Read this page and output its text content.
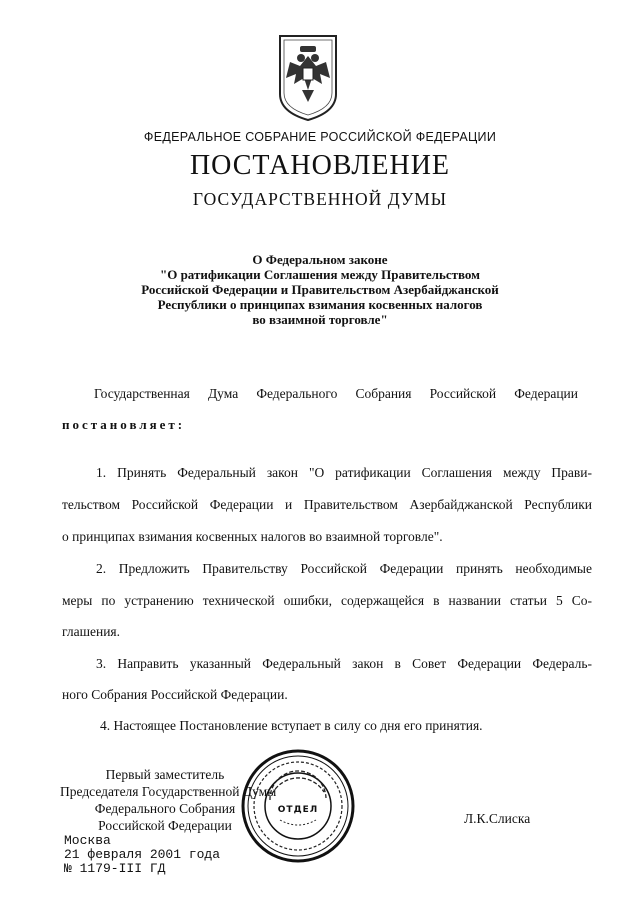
ФЕДЕРАЛЬНОЕ СОБРАНИЕ РОССИЙСКОЙ ФЕДЕРАЦИИ
ПОСТАНОВЛЕНИЕ
ГОСУДАРСТВЕННОЙ ДУМЫ
О Федеральном законе
"О ратификации Соглашения между Правительством
Российской Федерации и Правительством Азербайджанской
Республики о принципах взимания косвенных налогов
во взаимной торговле"
Государственная Дума Федерального Собрания Российской Федерации
постановляет:
1. Принять Федеральный закон "О ратификации Соглашения между Прави-
тельством Российской Федерации и Правительством Азербайджанской Республики
о принципах взимания косвенных налогов во взаимной торговле".
2. Предложить Правительству Российской Федерации принять необходимые
меры по устранению технической ошибки, содержащейся в названии статьи 5 Со-
глашения.
3. Направить указанный Федеральный закон в Совет Федерации Федераль-
ного Собрания Российской Федерации.
4. Настоящее Постановление вступает в силу со дня его принятия.
Первый заместитель
Председателя Государственной Думы
Федерального Собрания
Российской Федерации	Л.К.Слиска
ОТДЕЛ
Москва
21 февраля 2001 года
№ 1179-III ГД
